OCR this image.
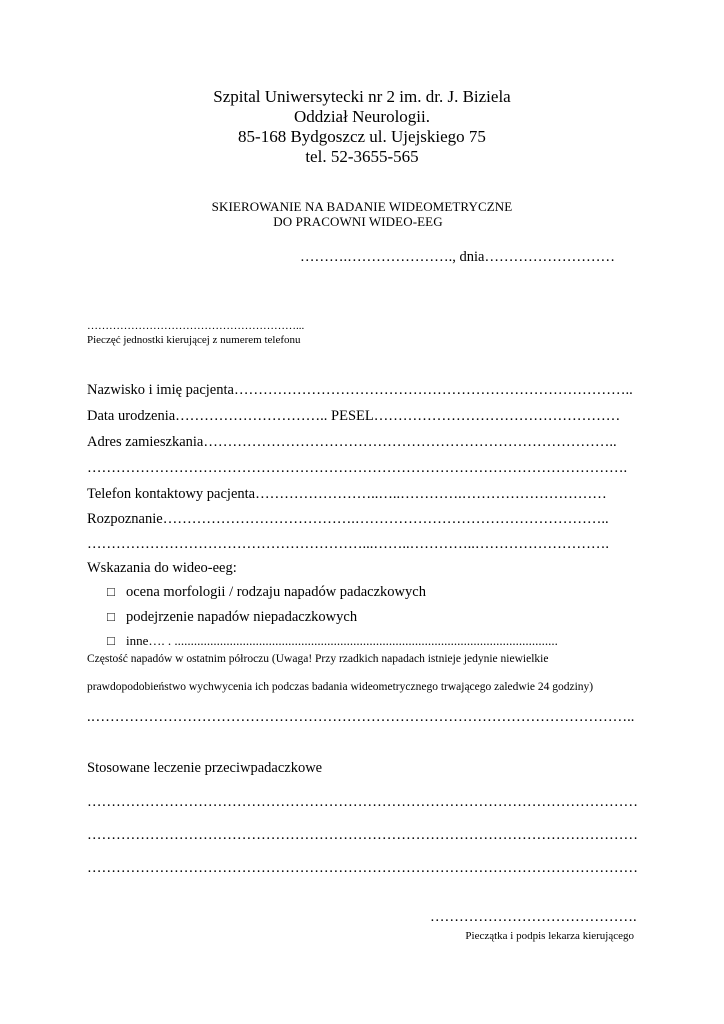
Szpital Uniwersytecki nr 2 im. dr. J. Biziela
Oddział Neurologii.
85-168 Bydgoszcz ul. Ujejskiego 75
tel. 52-3655-565
SKIEROWANIE NA BADANIE WIDEOMETRYCZNE
DO PRACOWNI WIDEO-EEG
……….…………………., dnia………………………
…………………………………………………...
Pieczęć jednostki kierującej z numerem telefonu
Nazwisko i imię pacjenta………………………………………………………………………..
Data urodzenia………………………….. PESEL……………………………………………
Adres zamieszkania…………………………………………………………………………..
………………………………………………………………………………………………….
Telefon kontaktowy pacjenta……………………..…..………….…………………………
Rozpoznanie………………………………….……………………………………………..
…………………………………………………...……..…………..……………………….
Wskazania do wideo-eeg:
□ ocena morfologii / rodzaju napadów padaczkowych
□ podejrzenie napadów niepadaczkowych
□ inne…. . ......................................................................................................................
Częstość napadów w ostatnim półroczu (Uwaga! Przy rzadkich napadach istnieje jedynie niewielkie
prawdopodobieństwo wychwycenia ich podczas badania wideometrycznego trwającego zaledwie 24 godziny)
.…………………………………………………………………………………………………..
Stosowane leczenie przeciwpadaczkowe
……………………………………………………………………………………………………
……………………………………………………………………………………………………
……………………………………………………………………………………………………
…………………………………….
Pieczątka i podpis lekarza kierującego
